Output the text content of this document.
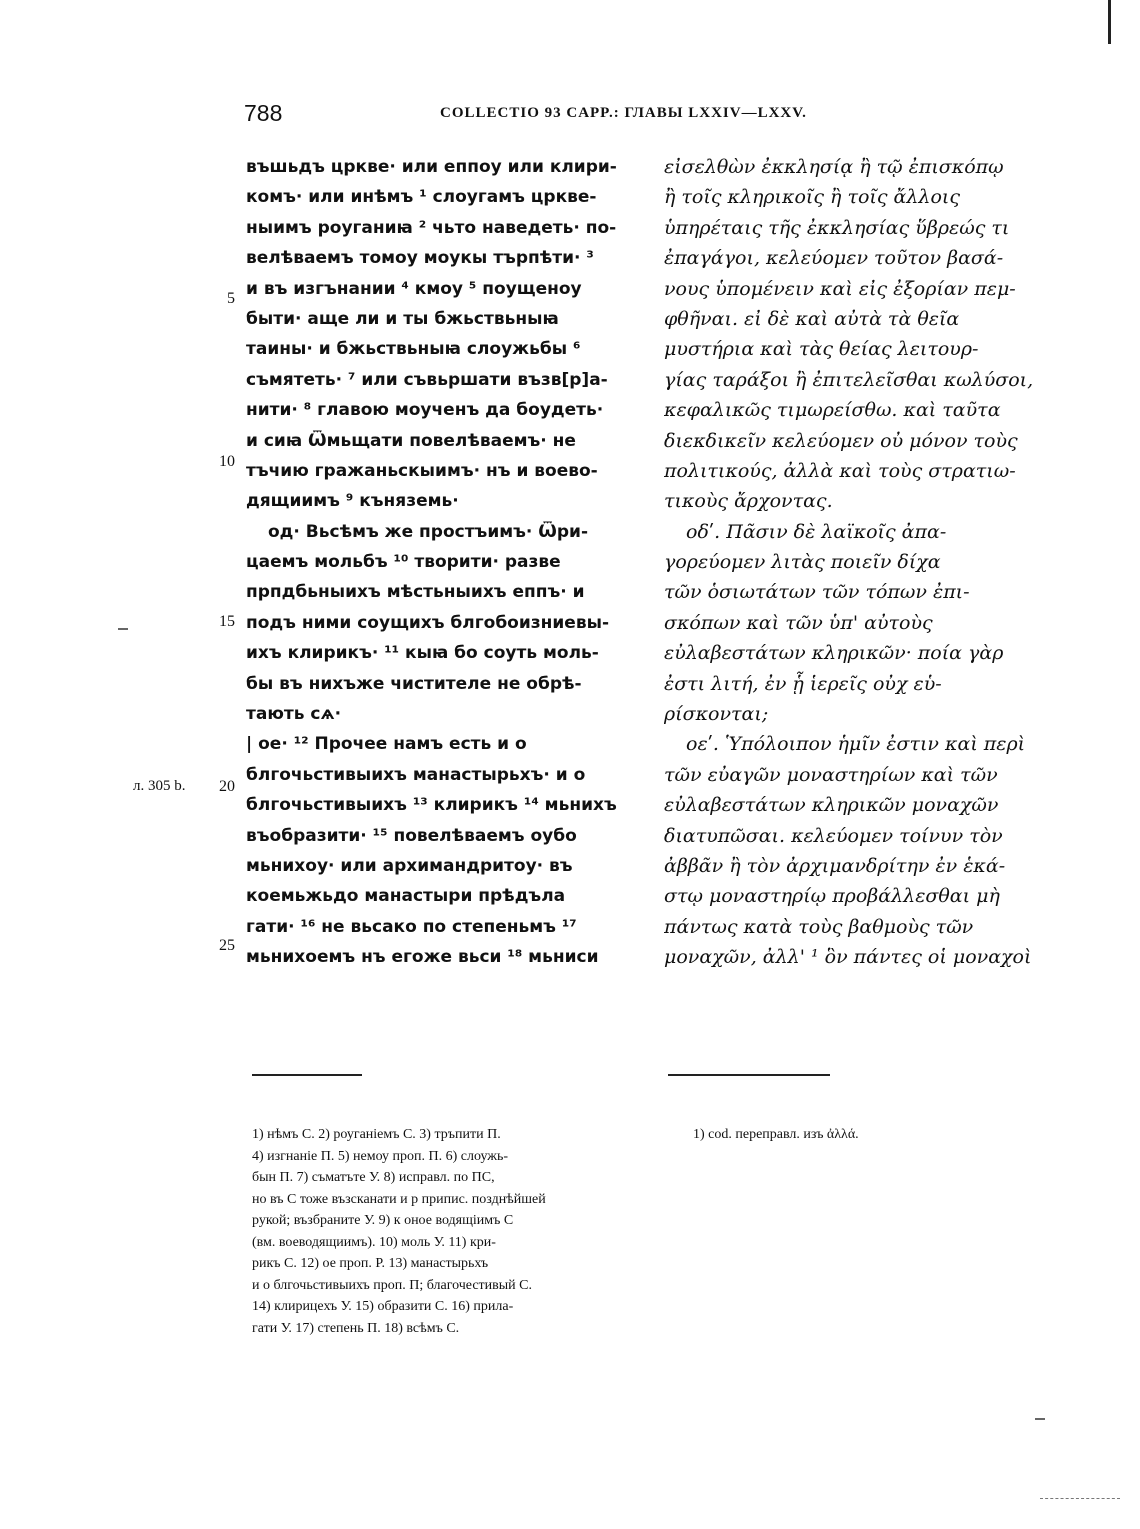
788	COLLECTIO 93 CAPP.: ГЛАВЫ LXXIV—LXXV.
въшьдъ цркве· или еппоу или клири-
комъ· или инѣмъ ¹ слоугамъ цркве-
ныимъ роуганиꙗ ² чьто наведеть· по-
велѣваемъ томоу моукы търпѣти· ³
и въ изгънании ⁴ кмоу ⁵ поущеноу
быти· аще ли и ты бжьствьныꙗ
таины· и бжьствьныꙗ слоужьбы ⁶
съмятеть· ⁷ или съвьршати възв[р]а-
нити· ⁸ главою моученъ да боудеть·
и сиꙗ Ѿмьщати повелѣваемъ· не
тъчию гражаньскыимъ· нъ и воево-
дящиимъ ⁹ къняземь·
од· Вьсѣмъ же простъимъ· Ѿри-
цаемъ мольбъ ¹⁰ творити· разве
прпдбьныихъ мѣстьныихъ еппъ· и
подъ ними соущихъ блгобоизниевы-
ихъ клирикъ· ¹¹ кыꙗ бо соуть моль-
бы въ нихъже чистителе не обрѣ-
тають сѧ·
| ое· ¹² Прочее намъ есть и о
блгочьстивыихъ манастырьхъ· и о
блгочьстивыихъ ¹³ клирикъ ¹⁴ мьнихъ
въобразити· ¹⁵ повелѣваемъ оубо
мьнихоу· или архимандритоу· въ
коемьжьдо манастыри прѣдъла
гати· ¹⁶ не вьсако по степеньмъ ¹⁷
мьнихоемъ нъ егоже вьси ¹⁸ мьниси
εἰσελθὼν ἐκκλησίᾳ ἢ τῷ ἐπισκόπῳ
ἢ τοῖς κληρικοῖς ἢ τοῖς ἄλλοις
ὑπηρέταις τῆς ἐκκλησίας ὕβρεώς τι
ἐπαγάγοι, κελεύομεν τοῦτον βασά-
νους ὑπομένειν καὶ εἰς ἐξορίαν πεμ-
φθῆναι. εἰ δὲ καὶ αὐτὰ τὰ θεῖα
μυστήρια καὶ τὰς θείας λειτουρ-
γίας ταράξοι ἢ ἐπιτελεῖσθαι κωλύσοι,
κεφαλικῶς τιμωρείσθω. καὶ ταῦτα
διεκδικεῖν κελεύομεν οὐ μόνον τοὺς
πολιτικούς, ἀλλὰ καὶ τοὺς στρατιω-
τικοὺς ἄρχοντας.
οδʹ. Πᾶσιν δὲ λαϊκοῖς ἀπα-
γορεύομεν λιτὰς ποιεῖν δίχα
τῶν ὁσιωτάτων τῶν τόπων ἐπι-
σκόπων καὶ τῶν ὑπ' αὐτοὺς
εὐλαβεστάτων κληρικῶν· ποία γὰρ
ἐστι λιτή, ἐν ᾗ ἱερεῖς οὐχ εὑ-
ρίσκονται;
οεʹ. Ὑπόλοιπον ἡμῖν ἐστιν καὶ περὶ
τῶν εὐαγῶν μοναστηρίων καὶ τῶν
εὐλαβεστάτων κληρικῶν μοναχῶν
διατυπῶσαι. κελεύομεν τοίνυν τὸν
ἀββᾶν ἢ τὸν ἀρχιμανδρίτην ἐν ἑκά-
στῳ μοναστηρίῳ προβάλλεσθαι μὴ
πάντως κατὰ τοὺς βαθμοὺς τῶν
μοναχῶν, ἀλλ' ¹ ὃν πάντες οἱ μοναχοὶ
5
10
15
20
25
л. 305 b.
1) нѣмъ С. 2) роуганiемъ С. 3) тръпити П.
4) изгнанiе П. 5) немоу проп. П. 6) слоужь-
бын П. 7) съматъте У. 8) исправл. по ПС,
но въ С тоже възсканати и р припис. позднѣйшей
рукой; възбраните У. 9) к оное водящiимъ С
(вм. воеводящиимъ). 10) моль У. 11) кри-
рикъ С. 12) ое проп. Р. 13) манастырьхъ
и о блгочьстивыихъ проп. П; благочестивый С.
14) клирицехъ У. 15) образити С. 16) прила-
гати У. 17) степень П. 18) всѣмъ С.
1) cod. переправл. изъ ἀλλά.
